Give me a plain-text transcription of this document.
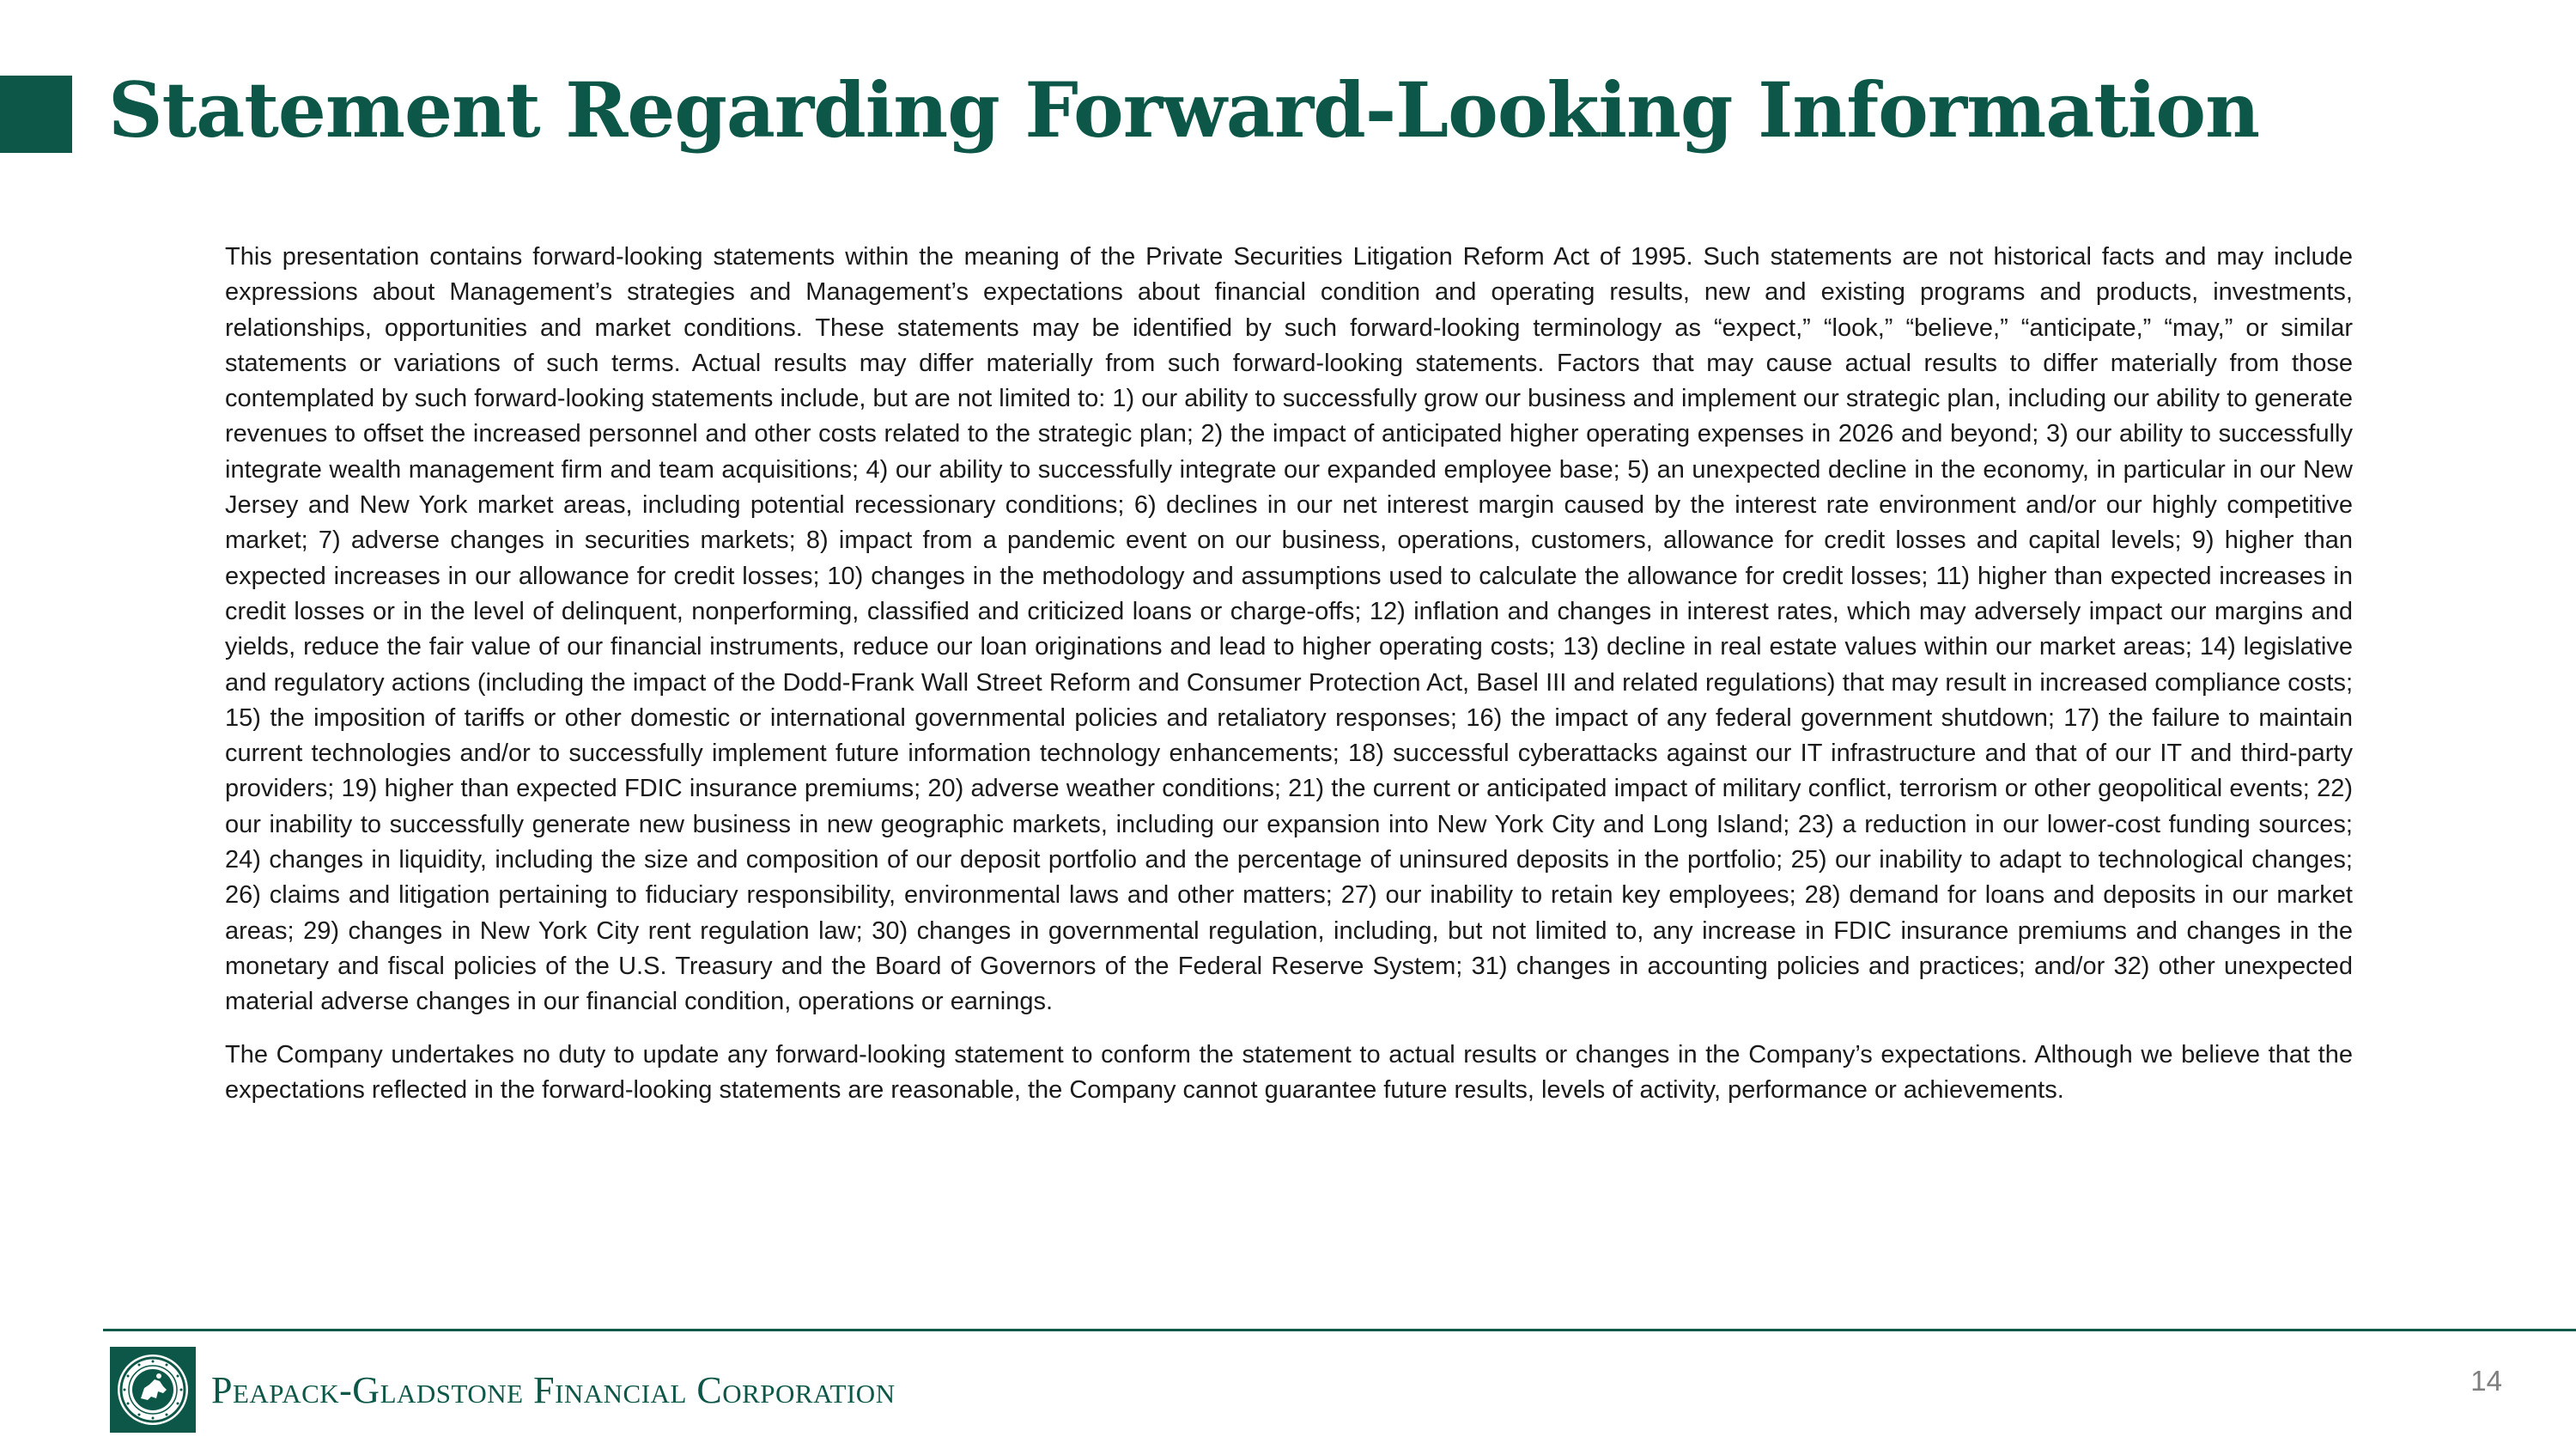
Statement Regarding Forward-Looking Information

This presentation contains forward-looking statements within the meaning of the Private Securities Litigation Reform Act of 1995. Such statements are not historical facts and may include expressions about Management’s strategies and Management’s expectations about financial condition and operating results, new and existing programs and products, investments, relationships, opportunities and market conditions. These statements may be identified by such forward-looking terminology as “expect,” “look,” “believe,” “anticipate,” “may,” or similar statements or variations of such terms. Actual results may differ materially from such forward-looking statements. Factors that may cause actual results to differ materially from those contemplated by such forward-looking statements include, but are not limited to: 1) our ability to successfully grow our business and implement our strategic plan, including our ability to generate revenues to offset the increased personnel and other costs related to the strategic plan; 2) the impact of anticipated higher operating expenses in 2026 and beyond; 3) our ability to successfully integrate wealth management firm and team acquisitions; 4) our ability to successfully integrate our expanded employee base; 5) an unexpected decline in the economy, in particular in our New Jersey and New York market areas, including potential recessionary conditions; 6) declines in our net interest margin caused by the interest rate environment and/or our highly competitive market; 7) adverse changes in securities markets; 8) impact from a pandemic event on our business, operations, customers, allowance for credit losses and capital levels; 9) higher than expected increases in our allowance for credit losses; 10) changes in the methodology and assumptions used to calculate the allowance for credit losses; 11) higher than expected increases in credit losses or in the level of delinquent, nonperforming, classified and criticized loans or charge-offs; 12) inflation and changes in interest rates, which may adversely impact our margins and yields, reduce the fair value of our financial instruments, reduce our loan originations and lead to higher operating costs; 13) decline in real estate values within our market areas; 14) legislative and regulatory actions (including the impact of the Dodd-Frank Wall Street Reform and Consumer Protection Act, Basel III and related regulations) that may result in increased compliance costs; 15) the imposition of tariffs or other domestic or international governmental policies and retaliatory responses; 16) the impact of any federal government shutdown; 17) the failure to maintain current technologies and/or to successfully implement future information technology enhancements; 18) successful cyberattacks against our IT infrastructure and that of our IT and third-party providers; 19) higher than expected FDIC insurance premiums; 20) adverse weather conditions; 21) the current or anticipated impact of military conflict, terrorism or other geopolitical events; 22) our inability to successfully generate new business in new geographic markets, including our expansion into New York City and Long Island; 23) a reduction in our lower-cost funding sources; 24) changes in liquidity, including the size and composition of our deposit portfolio and the percentage of uninsured deposits in the portfolio; 25) our inability to adapt to technological changes; 26) claims and litigation pertaining to fiduciary responsibility, environmental laws and other matters; 27) our inability to retain key employees; 28) demand for loans and deposits in our market areas; 29) changes in New York City rent regulation law; 30) changes in governmental regulation, including, but not limited to, any increase in FDIC insurance premiums and changes in the monetary and fiscal policies of the U.S. Treasury and the Board of Governors of the Federal Reserve System; 31) changes in accounting policies and practices; and/or 32) other unexpected material adverse changes in our financial condition, operations or earnings.

The Company undertakes no duty to update any forward-looking statement to conform the statement to actual results or changes in the Company’s expectations. Although we believe that the expectations reflected in the forward-looking statements are reasonable, the Company cannot guarantee future results, levels of activity, performance or achievements.

Peapack-Gladstone Financial Corporation	14
